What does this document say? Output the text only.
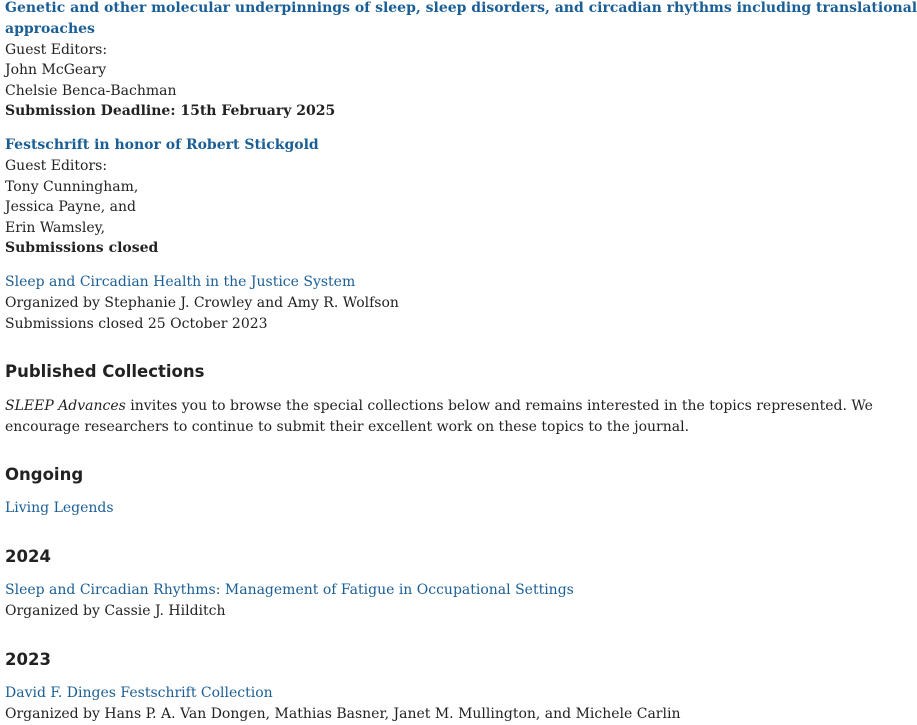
Genetic and other molecular underpinnings of sleep, sleep disorders, and circadian rhythms including translational
approaches
Guest Editors:
John McGeary
Chelsie Benca-Bachman
Submission Deadline: 15th February 2025
Festschrift in honor of Robert Stickgold
Guest Editors:
Tony Cunningham,
Jessica Payne, and
Erin Wamsley,
Submissions closed
Sleep and Circadian Health in the Justice System
Organized by Stephanie J. Crowley and Amy R. Wolfson
Submissions closed 25 October 2023
Published Collections
SLEEP Advances invites you to browse the special collections below and remains interested in the topics represented. We
encourage researchers to continue to submit their excellent work on these topics to the journal.
Ongoing
Living Legends
2024
Sleep and Circadian Rhythms: Management of Fatigue in Occupational Settings
Organized by Cassie J. Hilditch
2023
David F. Dinges Festschrift Collection
Organized by Hans P. A. Van Dongen, Mathias Basner, Janet M. Mullington, and Michele Carlin
